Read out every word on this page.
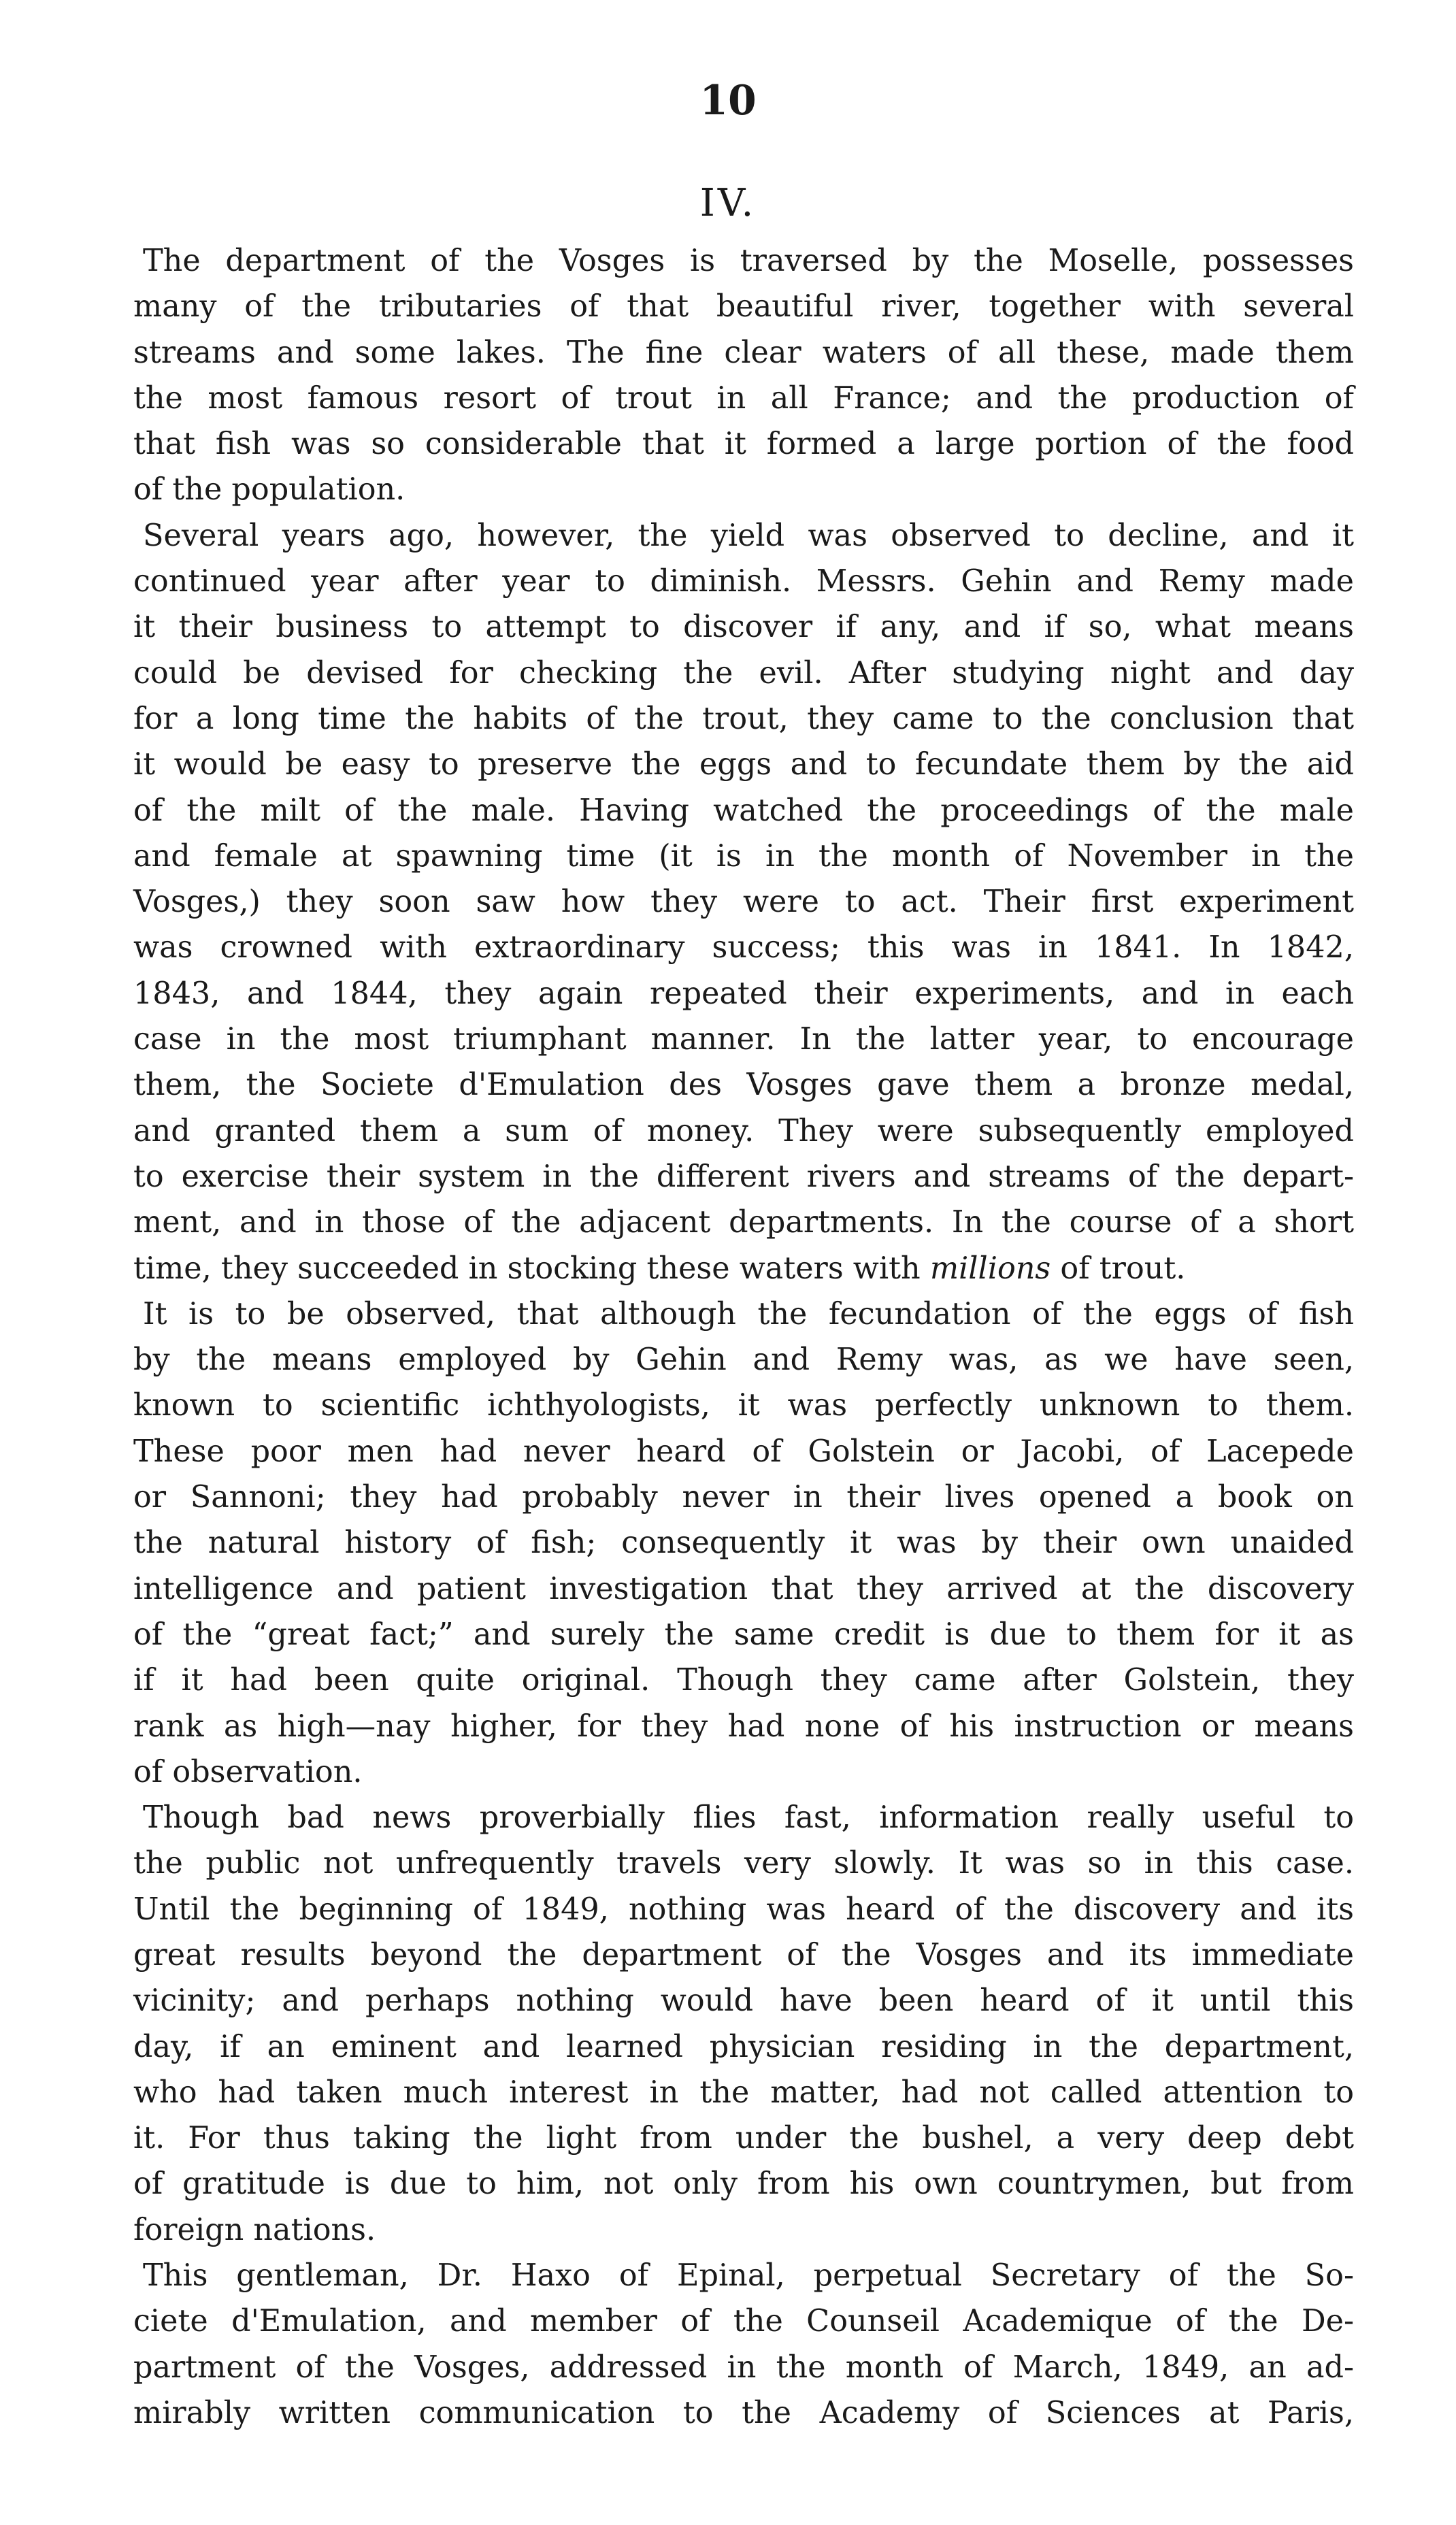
10
IV.
The department of the Vosges is traversed by the Moselle, possesses
many of the tributaries of that beautiful river, together with several
streams and some lakes. The fine clear waters of all these, made them
the most famous resort of trout in all France; and the production of
that fish was so considerable that it formed a large portion of the food
of the population.
Several years ago, however, the yield was observed to decline, and it
continued year after year to diminish. Messrs. Gehin and Remy made
it their business to attempt to discover if any, and if so, what means
could be devised for checking the evil. After studying night and day
for a long time the habits of the trout, they came to the conclusion that
it would be easy to preserve the eggs and to fecundate them by the aid
of the milt of the male. Having watched the proceedings of the male
and female at spawning time (it is in the month of November in the
Vosges,) they soon saw how they were to act. Their first experiment
was crowned with extraordinary success; this was in 1841. In 1842,
1843, and 1844, they again repeated their experiments, and in each
case in the most triumphant manner. In the latter year, to encourage
them, the Societe d'Emulation des Vosges gave them a bronze medal,
and granted them a sum of money. They were subsequently employed
to exercise their system in the different rivers and streams of the depart-
ment, and in those of the adjacent departments. In the course of a short
time, they succeeded in stocking these waters with millions of trout.
It is to be observed, that although the fecundation of the eggs of fish
by the means employed by Gehin and Remy was, as we have seen,
known to scientific ichthyologists, it was perfectly unknown to them.
These poor men had never heard of Golstein or Jacobi, of Lacepede
or Sannoni; they had probably never in their lives opened a book on
the natural history of fish; consequently it was by their own unaided
intelligence and patient investigation that they arrived at the discovery
of the “great fact;” and surely the same credit is due to them for it as
if it had been quite original. Though they came after Golstein, they
rank as high—nay higher, for they had none of his instruction or means
of observation.
Though bad news proverbially flies fast, information really useful to
the public not unfrequently travels very slowly. It was so in this case.
Until the beginning of 1849, nothing was heard of the discovery and its
great results beyond the department of the Vosges and its immediate
vicinity; and perhaps nothing would have been heard of it until this
day, if an eminent and learned physician residing in the department,
who had taken much interest in the matter, had not called attention to
it. For thus taking the light from under the bushel, a very deep debt
of gratitude is due to him, not only from his own countrymen, but from
foreign nations.
This gentleman, Dr. Haxo of Epinal, perpetual Secretary of the So-
ciete d'Emulation, and member of the Counseil Academique of the De-
partment of the Vosges, addressed in the month of March, 1849, an ad-
mirably written communication to the Academy of Sciences at Paris,
